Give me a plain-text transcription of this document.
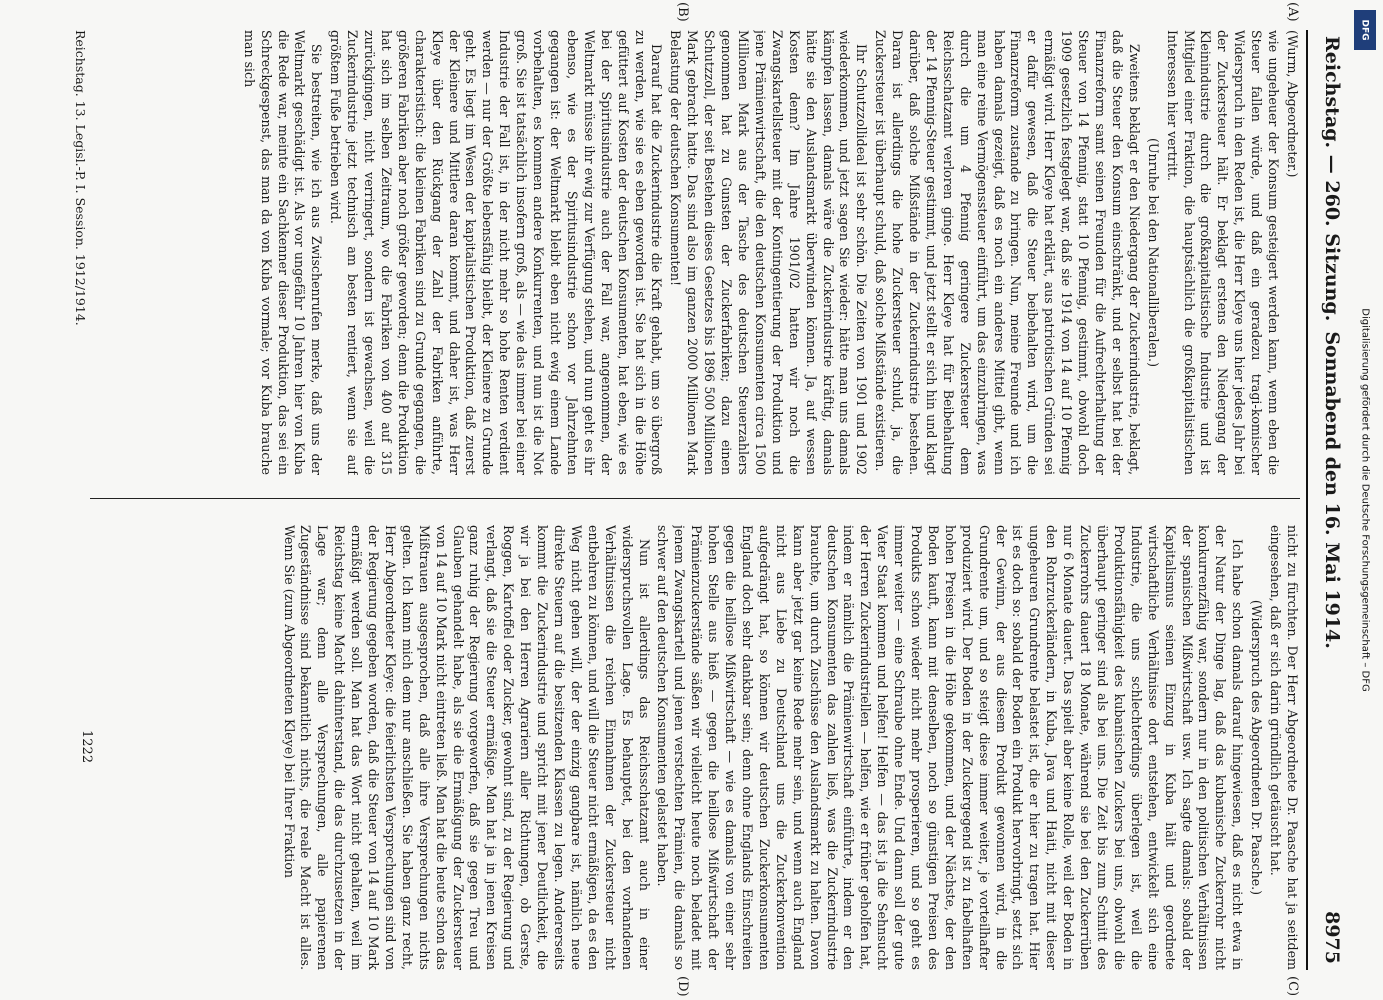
Reichstag. — 260. Sitzung.
Sonnabend den 16. Mai 1914.
8975

(Wurm, Abgeordneter.)

wie ungeheuer der Konsum gesteigert werden kann, wenn eben die Steuer fallen würde, und daß ein geradezu tragi-komischer Widerspruch in den Reden ist, die Herr Kleye uns hier jedes Jahr bei der Zuckersteuer hält. Er beklagt erstens den Niedergang der Kleinindustrie durch die großkapitalistische Industrie und ist Mitglied einer Fraktion, die hauptsächlich die großkapitalistischen Interessen hier vertritt.

(Unruhe bei den Nationalliberalen.)

Zweitens beklagt er den Niedergang der Zuckerindustrie, beklagt, daß die Steuer den Konsum einschränkt, und er selbst hat bei der Finanzreform samt seinen Freunden für die Aufrechterhaltung der Steuer von 14 Pfennig, statt 10 Pfennig, gestimmt, obwohl doch 1909 gesetzlich festgelegt war, daß sie 1914 von 14 auf 10 Pfennig ermäßigt wird. Herr Kleye hat erklärt, aus patriotischen Gründen sei er dafür gewesen, daß die Steuer beibehalten wird, um die Finanzreform zustande zu bringen. Nun, meine Freunde und ich haben damals gezeigt, daß es noch ein anderes Mittel gibt, wenn man eine reine Vermögenssteuer einführt, um das einzubringen, was durch die um 4 Pfennig geringere Zuckersteuer dem Reichsschatzamt verloren ginge. Herr Kleye hat für Beibehaltung der 14 Pfennig-Steuer gestimmt, und jetzt stellt er sich hin und klagt darüber, daß solche Mißstände in der Zuckerindustrie bestehen. Daran ist allerdings die hohe Zuckersteuer schuld, ja, die Zuckersteuer ist überhaupt schuld, daß solche Mißstände existieren.

Ihr Schutzzollideal ist sehr schön. Die Zeiten von 1901 und 1902 wiederkommen, und jetzt sagen Sie wieder: hätte man uns damals kämpfen lassen, damals wäre die Zuckerindustrie kräftig, damals hätte sie den Auslandsmarkt überwinden können. Ja, auf wessen Kosten denn? Im Jahre 1901/02 hatten wir noch die Zwangskartellsteuer mit der Kontingentierung der Produktion und jene Prämienwirtschaft, die den deutschen Konsumenten circa 1500 Millionen Mark aus der Tasche des deutschen Steuerzahlers genommen hat zu Gunsten der Zuckerfabriken; dazu einen Schutzzoll, der seit Bestehen dieses Gesetzes bis 1896 500 Millionen Mark gebracht hatte. Das sind also im ganzen 2000 Millionen Mark Belastung der deutschen Konsumenten!

Darauf hat die Zuckerindustrie die Kraft gehabt, um so übergroß zu werden, wie sie es eben geworden ist. Sie hat sich in die Höhe gefüttert auf Kosten der deutschen Konsumenten, hat eben, wie es bei der Spiritusindustrie auch der Fall war, angenommen, der Weltmarkt müsse ihr ewig zur Verfügung stehen, und nun geht es ihr ebenso, wie es der Spiritusindustrie schon vor Jahrzehnten gegangen ist: der Weltmarkt bleibt eben nicht ewig einem Lande vorbehalten, es kommen andere Konkurrenten, und nun ist die Not groß. Sie ist tatsächlich insofern groß, als — wie das immer bei einer Industrie der Fall ist, in der nicht mehr so hohe Renten verdient werden — nur der Größte lebensfähig bleibt, der Kleinere zu Grunde geht. Es liegt im Wesen der kapitalistischen Produktion, daß zuerst der Kleinere und Mittlere daran kommt, und daher ist, was Herr Kleye über den Rückgang der Zahl der Fabriken anführte, charakteristisch: die kleinen Fabriken sind zu Grunde gegangen, die größeren Fabriken aber noch größer geworden; denn die Produktion hat sich im selben Zeitraum, wo die Fabriken von 400 auf 315 zurückgingen, nicht verringert, sondern ist gewachsen, weil die Zuckerindustrie jetzt technisch am besten rentiert, wenn sie auf größtem Fuße betrieben wird.

Sie bestreiten, wie ich aus Zwischenrufen merke, daß uns der Weltmarkt geschädigt ist. Als vor ungefähr 10 Jahren hier von Kuba die Rede war, meinte ein Sachkenner dieser Produktion, das sei ein Schreckgespenst, das man da von Kuba vormale; vor Kuba brauche man sich

nicht zu fürchten. Der Herr Abgeordnete Dr. Paasche hat ja seitdem eingesehen, daß er sich darin gründlich getäuscht hat.

(Widerspruch des Abgeordneten Dr. Paasche.)

Ich habe schon damals darauf hingewiesen, daß es nicht etwa in der Natur der Dinge lag, daß das kubanische Zuckerrohr nicht konkurrenzfähig war, sondern nur in den politischen Verhältnissen der spanischen Mißwirtschaft usw. Ich sagte damals: sobald der Kapitalismus seinen Einzug in Kuba hält und geordnete wirtschaftliche Verhältnisse dort entstehen, entwickelt sich eine Industrie, die uns schlechterdings überlegen ist, weil die Produktionsfähigkeit des kubanischen Zuckers bei uns, obwohl die überhaupt geringer sind als bei uns. Die Zeit bis zum Schnitt des Zuckerrohrs dauert 18 Monate, während sie bei den Zuckerrüben nur 6 Monate dauert. Das spielt aber keine Rolle, weil der Boden in den Rohrzuckerländern, in Kuba, Java und Haiti, nicht mit dieser ungeheuren Grundrente belastet ist, die er hier zu tragen hat. Hier ist es doch so: sobald der Boden ein Produkt hervorbringt, setzt sich der Gewinn, der aus diesem Produkt gewonnen wird, in die Grundrente um, und so steigt diese immer weiter, je vorteilhafter produziert wird. Der Boden in der Zuckergegend ist zu fabelhaften hohen Preisen in die Höhe gekommen, und der Nächste, der den Boden kauft, kann mit denselben, noch so günstigen Preisen des Produkts schon wieder nicht mehr prosperieren, und so geht es immer weiter — eine Schraube ohne Ende. Und dann soll der gute Vater Staat kommen und helfen! Helfen — das ist ja die Sehnsucht der Herren Zuckerindustriellen — helfen, wie er früher geholfen hat, indem er nämlich die Prämienwirtschaft einführte, indem er den deutschen Konsumenten das zahlen ließ, was die Zuckerindustrie brauchte, um durch Zuschüsse den Auslandsmarkt zu halten. Davon kann aber jetzt gar keine Rede mehr sein, und wenn auch England nicht aus Liebe zu Deutschland uns die Zuckerkonvention aufgedrängt hat, so können wir deutschen Zuckerkonsumenten England doch sehr dankbar sein; denn ohne Englands Einschreiten gegen die heillose Mißwirtschaft — wie es damals von einer sehr hohen Stelle aus hieß — gegen die heillose Mißwirtschaft der Prämienzuckerstände säßen wir vielleicht heute noch beladet mit jenem Zwangskartell und jenen verstechten Prämien, die damals so schwer auf den deutschen Konsumenten gelastet haben.

Nun ist allerdings das Reichsschatzamt auch in einer widerspruchsvollen Lage. Es behauptet, bei den vorhandenen Verhältnissen die reichen Einnahmen der Zuckersteuer nicht entbehren zu können, und will die Steuer nicht ermäßigen, da es den Weg nicht gehen will, der der einzig gangbare ist, nämlich neue direkte Steuern auf die besitzenden Klassen zu legen. Andererseits kommt die Zuckerindustrie und spricht mit jener Deutlichkeit, die wir ja bei den Herren Agrariern aller Richtungen, ob Gerste, Roggen, Kartoffel oder Zucker, gewohnt sind, zu der Regierung und verlangt, daß sie die Steuer ermäßige. Man hat ja in jenen Kreisen ganz ruhig der Regierung vorgeworfen, daß sie gegen Treu und Glauben gehandelt habe, als sie die Ermäßigung der Zuckersteuer von 14 auf 10 Mark nicht eintreten ließ. Man hat die heute schon das Mißtrauen ausgesprochen, daß alle ihre Versprechungen nichts gelten. Ich kann mich dem nur anschließen. Sie haben ganz recht, Herr Abgeordneter Kleye: die feierlichsten Versprechungen sind von der Regierung gegeben worden, daß die Steuer von 14 auf 10 Mark ermäßigt werden soll. Man hat das Wort nicht gehalten, weil im Reichstag keine Macht dahinterstand, die das durchzusetzen in der Lage war; denn alle Versprechungen, alle papierenen Zugeständnisse sind bekanntlich nichts, die reale Macht ist alles. Wenn Sie (zum Abgeordneten Kleye) bei Ihrer Fraktion

(A)
(B)
(C)
(D)
Reichstag. 13. Legisl.-P. I. Session. 1912/1914.
1222
DFG
Digitalisierung gefördert durch die Deutsche Forschungsgemeinschaft – DFG
